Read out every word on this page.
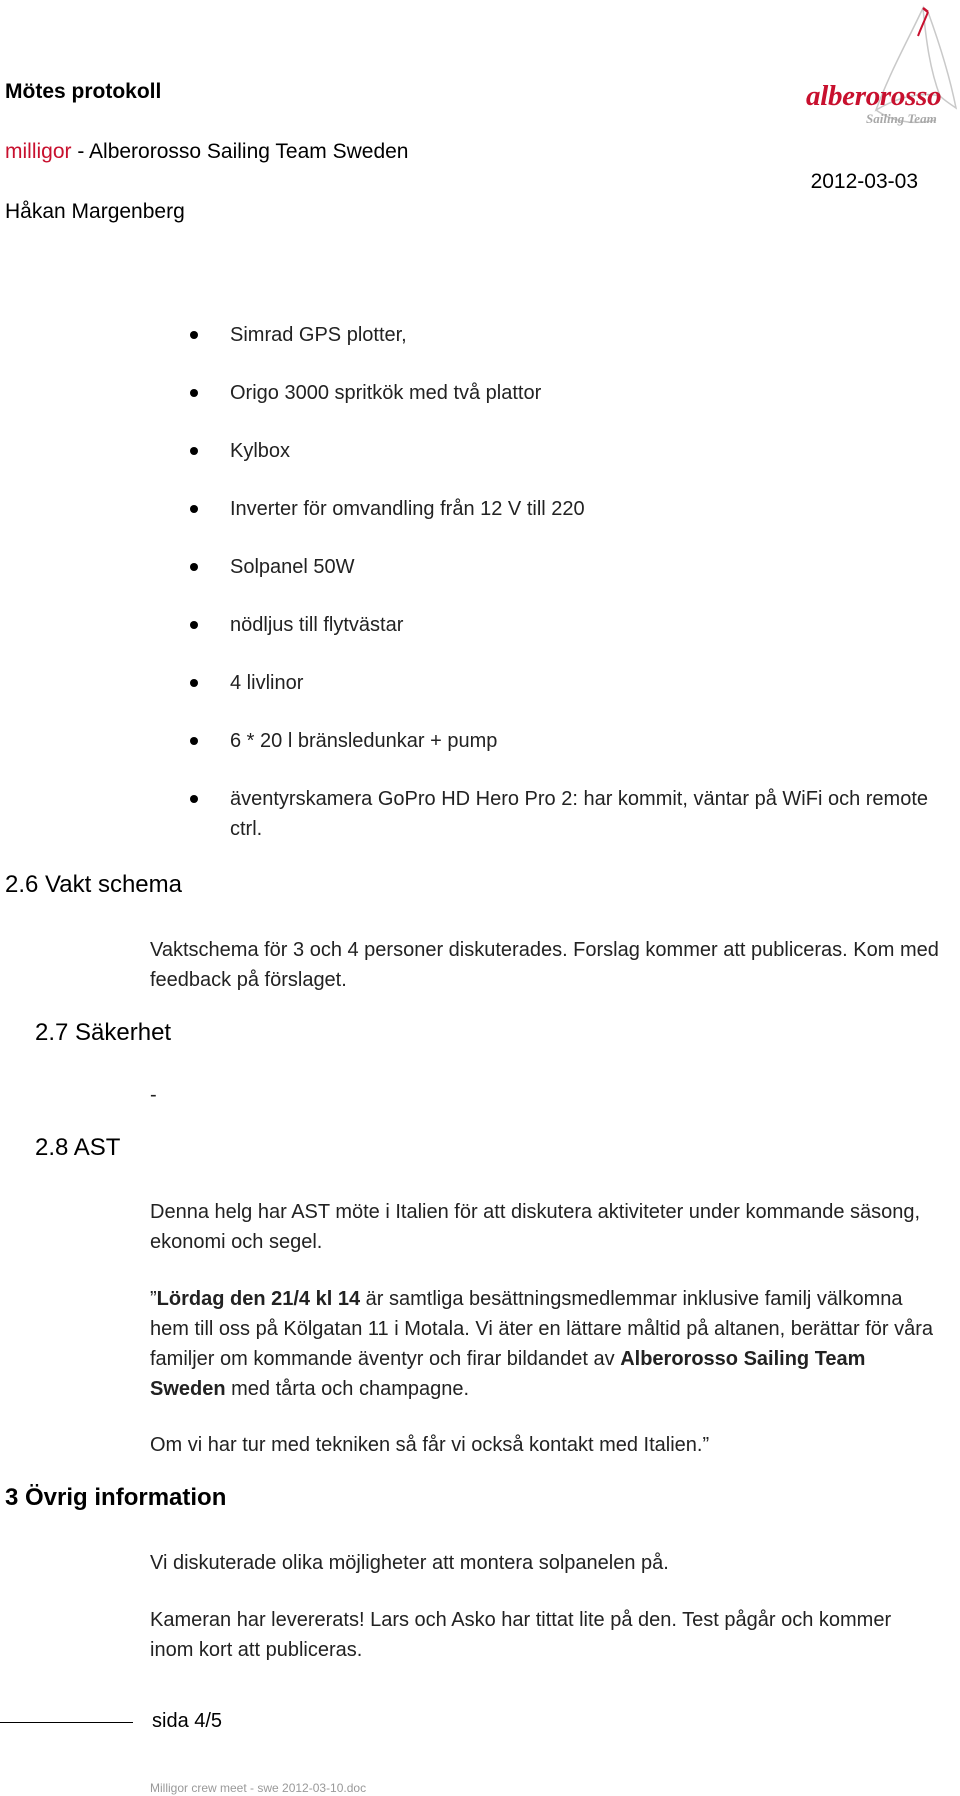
Mötes protokoll
milligor - Alberorosso Sailing Team Sweden
Håkan Margenberg
2012-03-03
alberorosso
Sailing Team
Simrad GPS plotter,
Origo 3000 spritkök med två plattor
Kylbox
Inverter för omvandling från 12 V till 220
Solpanel 50W
nödljus till flytvästar
4 livlinor
6 * 20 l bränsledunkar + pump
äventyrskamera GoPro HD Hero Pro 2: har kommit, väntar på WiFi och remote ctrl.
2.6 Vakt schema
Vaktschema för 3 och 4 personer diskuterades. Forslag kommer att publiceras. Kom med feedback på förslaget.
2.7 Säkerhet
-
2.8 AST
Denna helg har AST möte i Italien för att diskutera aktiviteter under kommande säsong, ekonomi och segel.
”Lördag den 21/4 kl 14 är samtliga besättningsmedlemmar inklusive familj välkomna hem till oss på Kölgatan 11 i Motala. Vi äter en lättare måltid på altanen, berättar för våra familjer om kommande äventyr och firar bildandet av Alberorosso Sailing Team Sweden med tårta och champagne.
Om vi har tur med tekniken så får vi också kontakt med Italien.”
3 Övrig information
Vi diskuterade olika möjligheter att montera solpanelen på.
Kameran har levererats! Lars och Asko har tittat lite på den. Test pågår och kommer inom kort att publiceras.
sida 4/5
Milligor crew meet - swe 2012-03-10.doc
